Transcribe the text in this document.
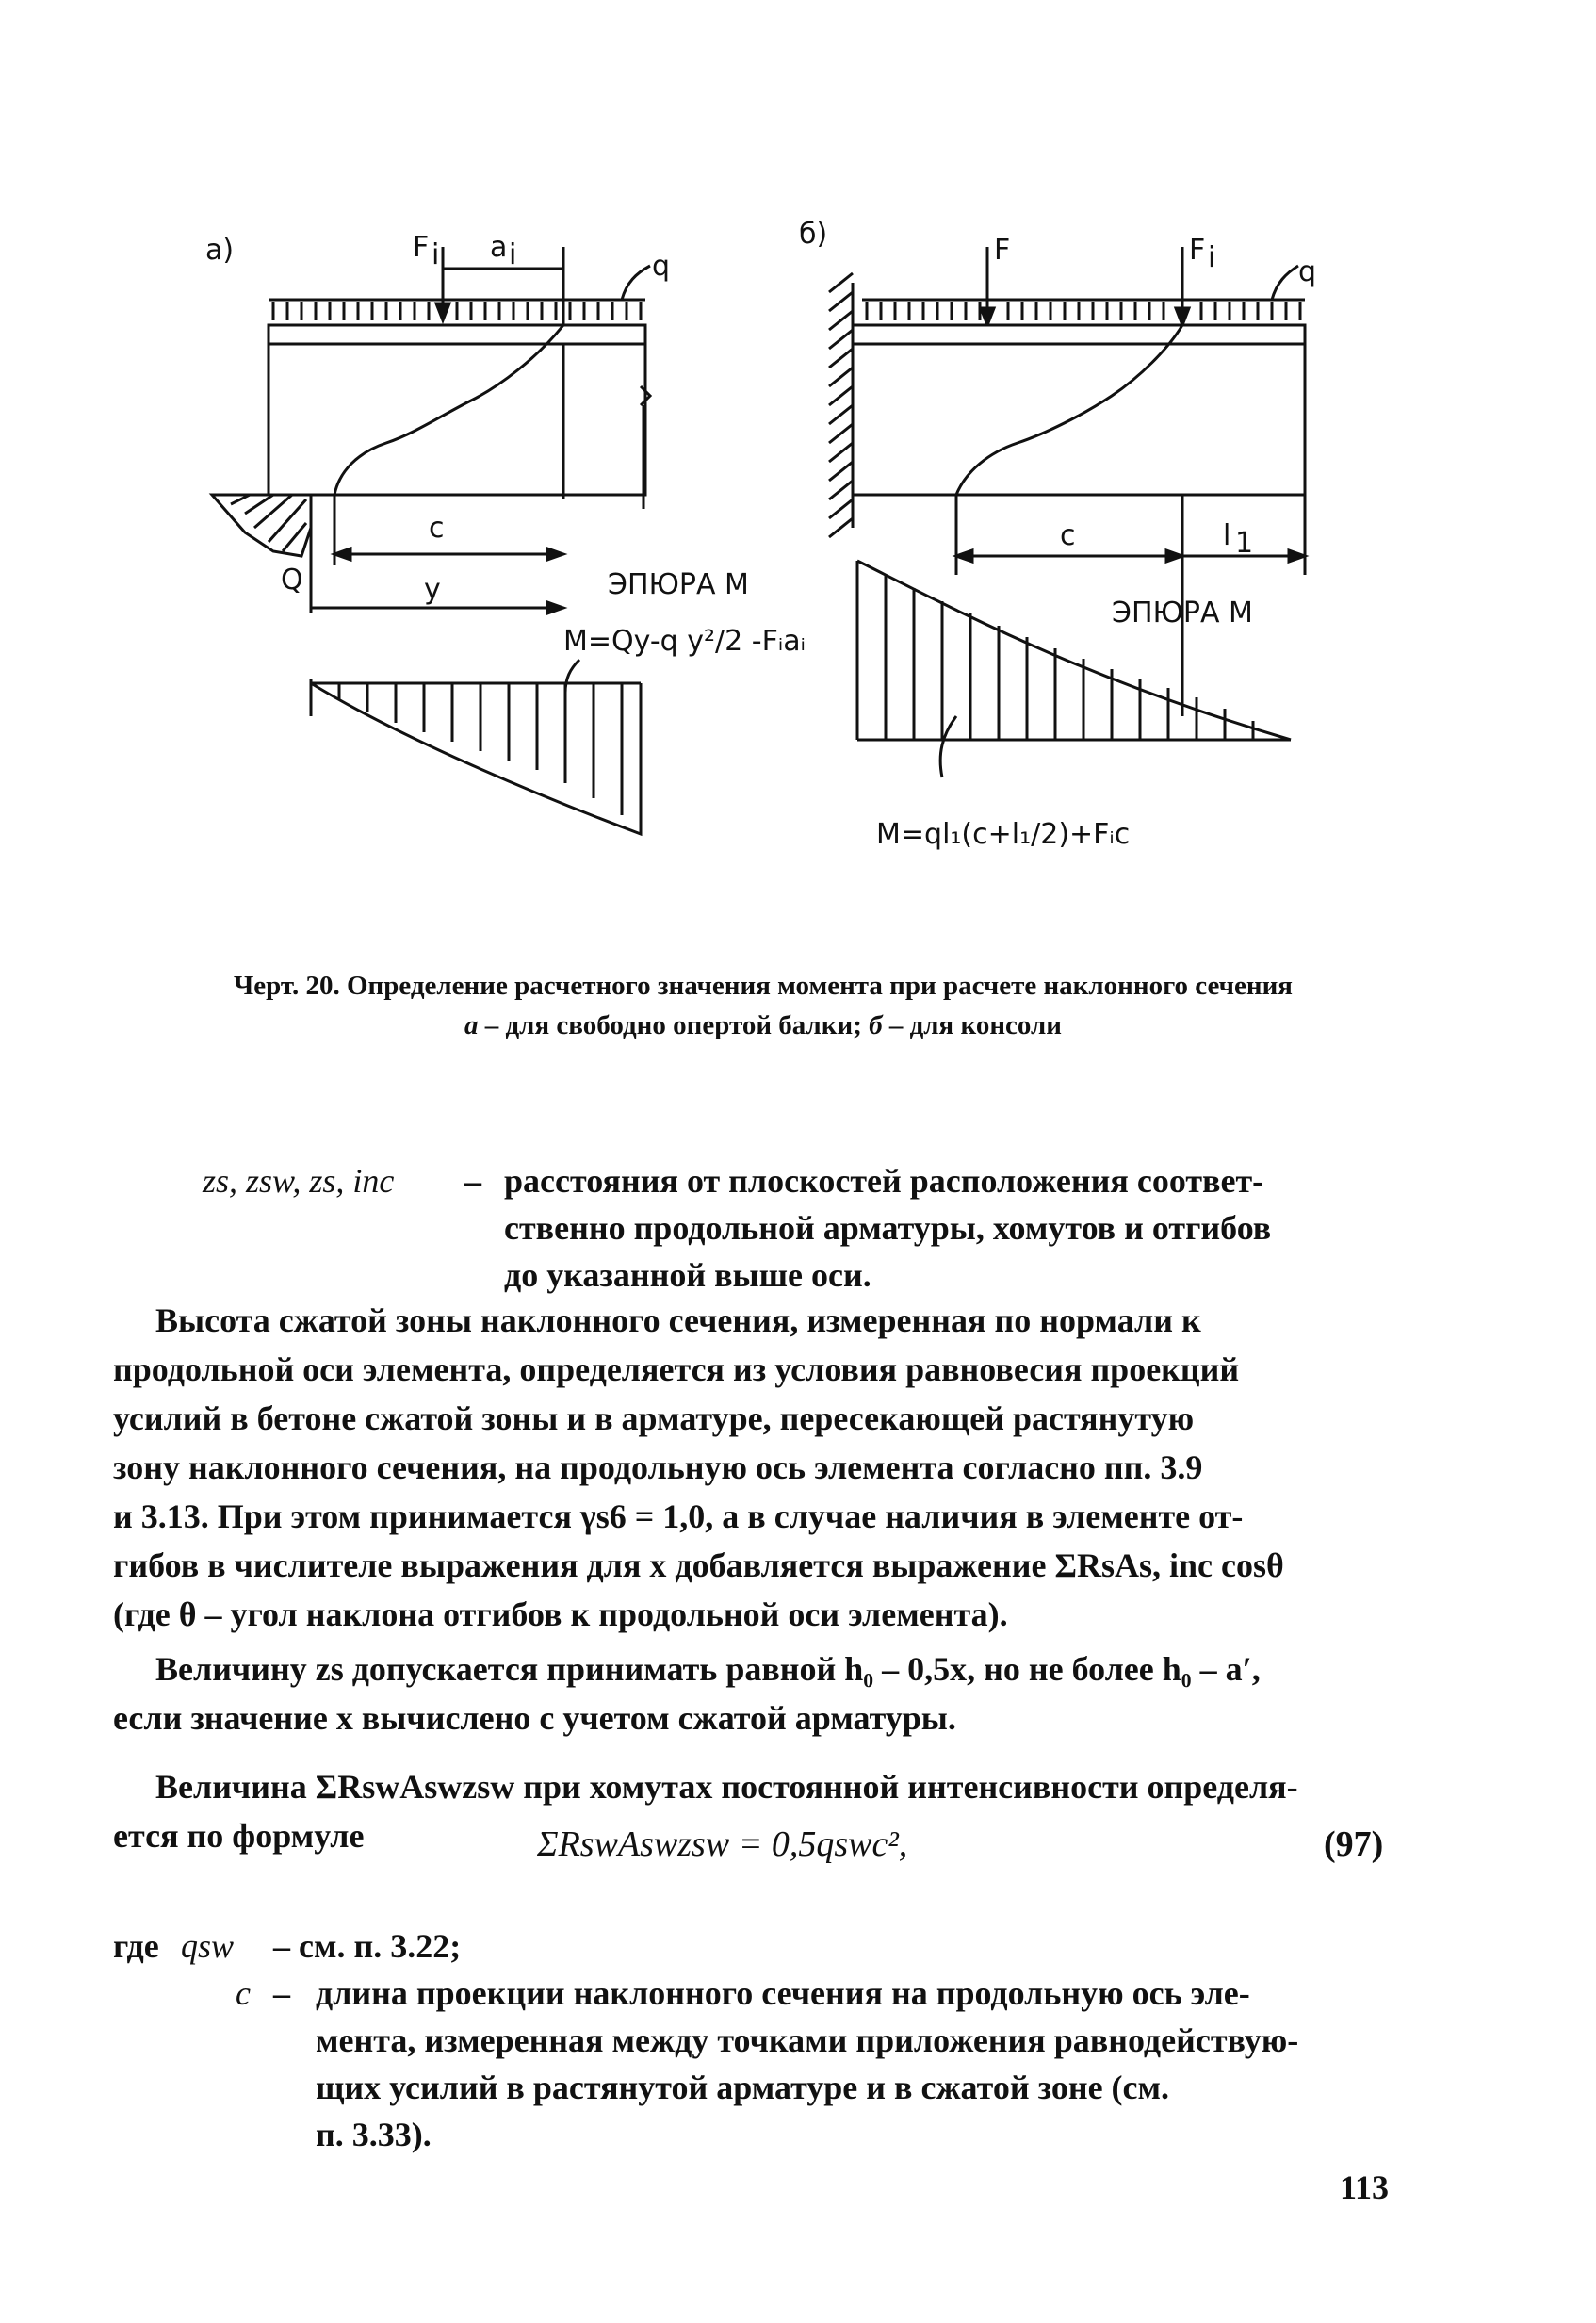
а)	F i a i	q
c
y
Q	ЭПЮРА M
M=Qy-q y²/2 -Fᵢaᵢ
б)	F	F i	q
c	l 1
ЭПЮРА M
M=ql₁(c+l₁/2)+Fᵢc
Черт. 20. Определение расчетного значения момента при расчете наклонного сечения
а – для свободно опертой балки; б – для консоли
zs, zsw, zs, inc – расстояния от плоскостей расположения соответ-
ственно продольной арматуры, хомутов и отгибов
до указанной выше оси.
Высота сжатой зоны наклонного сечения, измеренная по нормали к
продольной оси элемента, определяется из условия равновесия проекций
усилий в бетоне сжатой зоны и в арматуре, пересекающей растянутую
зону наклонного сечения, на продольную ось элемента согласно пп. 3.9
и 3.13. При этом принимается γs6 = 1,0, а в случае наличия в элементе от-
гибов в числителе выражения для x добавляется выражение ΣRsAs, inc cosθ
(где θ – угол наклона отгибов к продольной оси элемента).
Величину zs допускается принимать равной h₀ – 0,5x, но не более h₀ – a′,
если значение x вычислено с учетом сжатой арматуры.
Величина ΣRswAswzsw при хомутах постоянной интенсивности определя-
ется по формуле	ΣRswAswzsw = 0,5qswc²,	(97)
где qsw – см. п. 3.22;
c – длина проекции наклонного сечения на продольную ось эле-
мента, измеренная между точками приложения равнодействую-
щих усилий в растянутой арматуре и в сжатой зоне (см.
п. 3.33).
113
